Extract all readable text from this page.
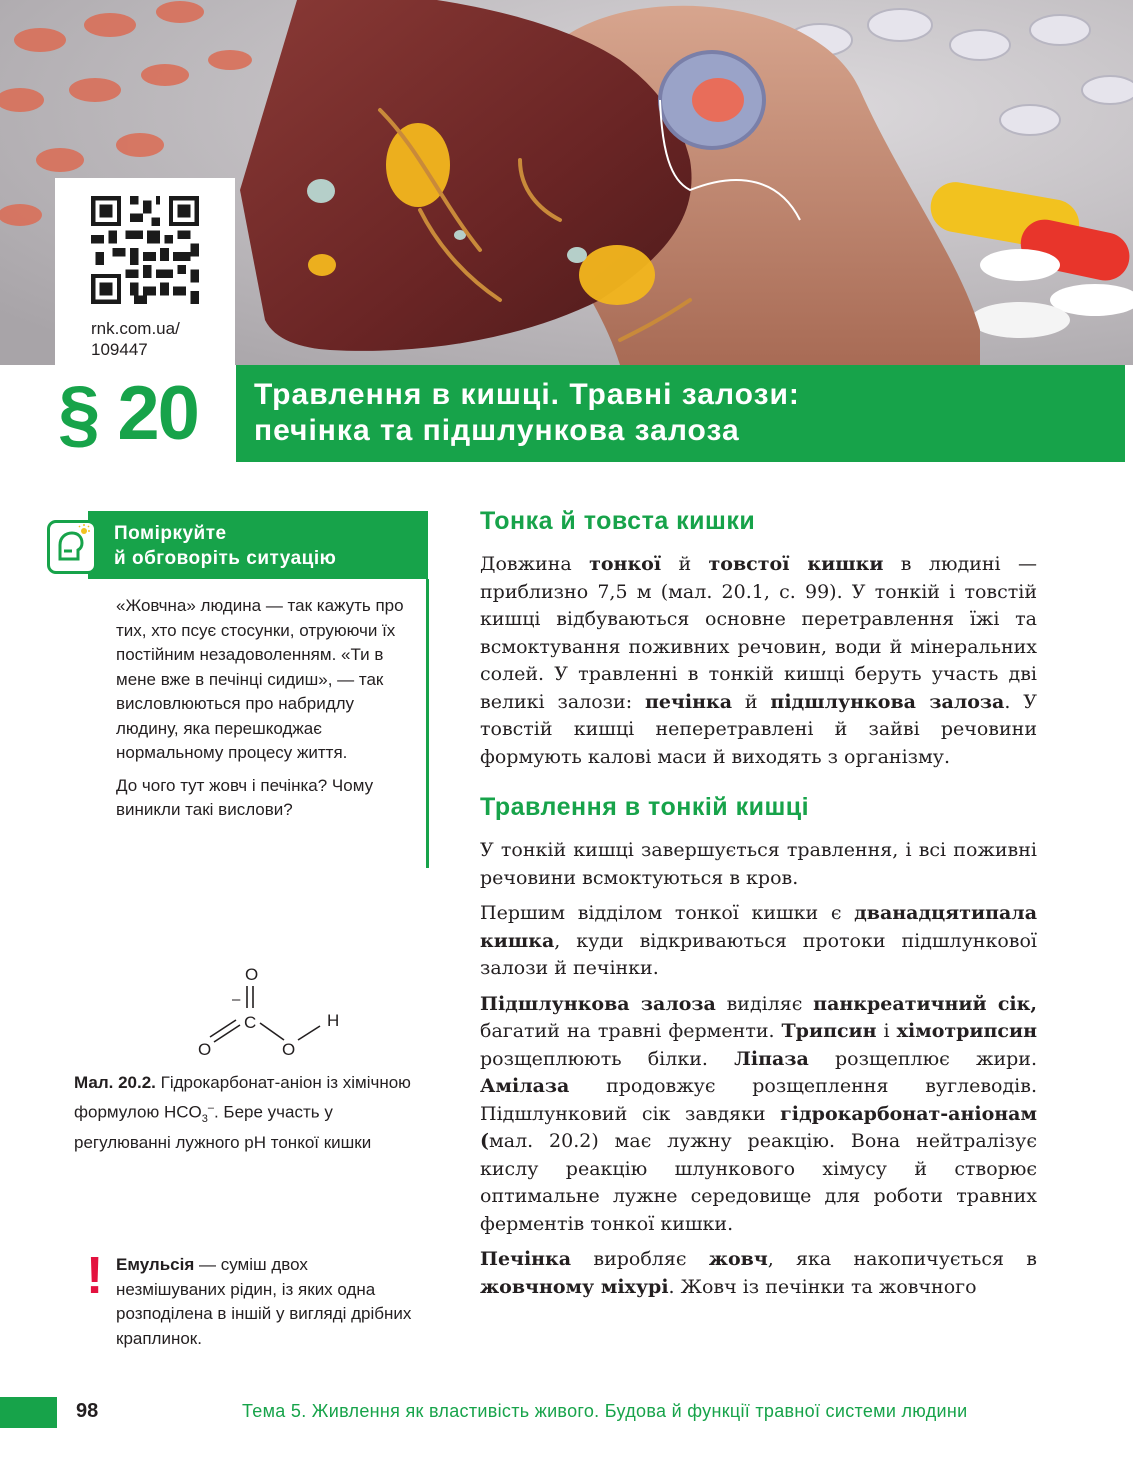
rnk.com.ua/
109447
§ 20 Травлення в кишці. Травні залози:
печінка та підшлункова залоза
Поміркуйте
й обговоріть ситуацію

«Жовчна» людина — так кажуть про тих, хто псує стосунки, отруюючи їх постійним незадоволенням. «Ти в мене вже в печінці сидиш», — так висловлюються про набридлу людину, яка перешкоджає нормальному процесу життя.

До чого тут жовч і печінка? Чому виникли такі вислови?

O
–
C
O	O
H
Мал. 20.2. Гідрокарбонат-аніон із хімічною формулою $HCO_3^-$. Бере участь у регулюванні лужного pH тонкої кишки
! Емульсія — суміш двох незмішуваних рідин, із яких одна розподілена в іншій у вигляді дрібних краплинок.
Тонка й товста кишки

Довжина тонкої й товстої кишки в людині — приблизно 7,5 м (мал. 20.1, с. 99). У тонкій і товстій кишці відбуваються основне перетравлення їжі та всмоктування поживних речовин, води й мінеральних солей. У травленні в тонкій кишці беруть участь дві великі залози: печінка й підшлункова залоза. У товстій кишці неперетравлені й зайві речовини формують калові маси й виходять з організму.

Травлення в тонкій кишці

У тонкій кишці завершується травлення, і всі поживні речовини всмоктуються в кров.

Першим відділом тонкої кишки є дванадцятипала кишка, куди відкриваються протоки підшлункової залози й печінки.

Підшлункова залоза виділяє панкреатичний сік, багатий на травні ферменти. Трипсин і хімотрипсин розщеплюють білки. Ліпаза розщеплює жири. Амілаза продовжує розщеплення вуглеводів. Підшлунковий сік завдяки гідрокарбонат-аніонам (мал. 20.2) має лужну реакцію. Вона нейтралізує кислу реакцію шлункового хімусу й створює оптимальне лужне середовище для роботи травних ферментів тонкої кишки.

Печінка виробляє жовч, яка накопичується в жовчному міхурі. Жовч із печінки та жовчного

98	Тема 5. Живлення як властивість живого. Будова й функції травної системи людини
